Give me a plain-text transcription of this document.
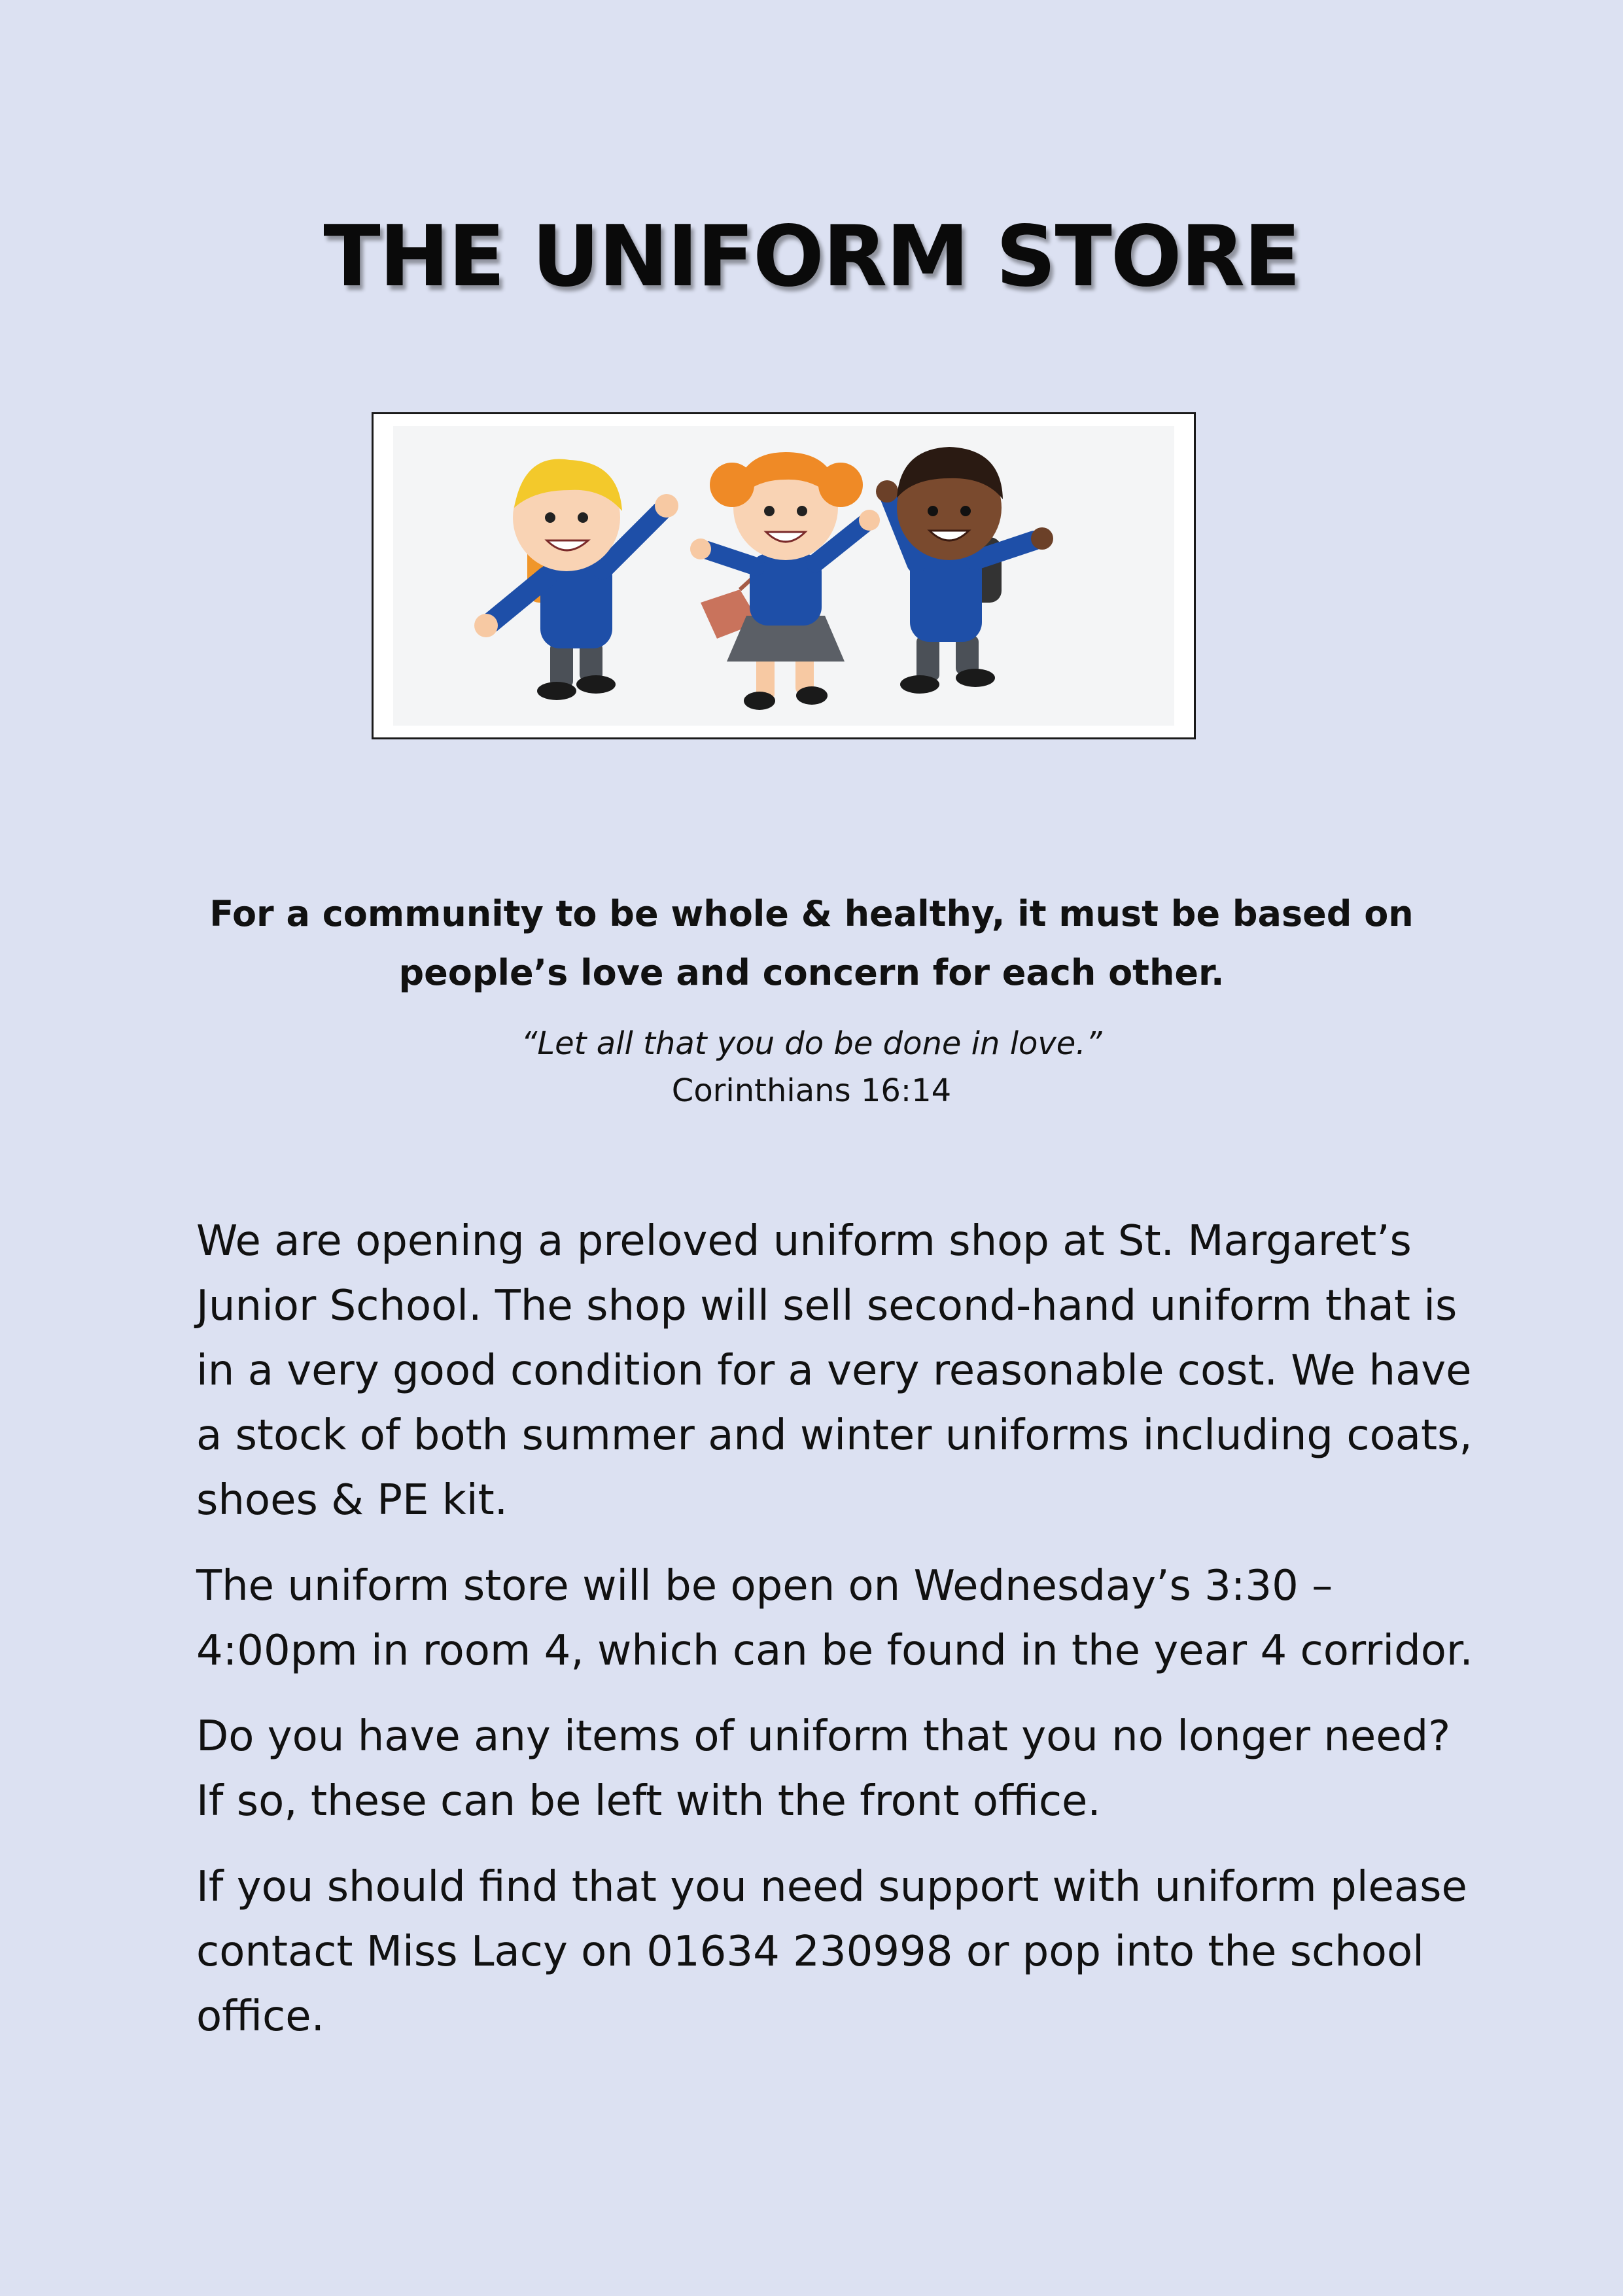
THE UNIFORM STORE

For a community to be whole & healthy, it must be based on people’s love and concern for each other.

“Let all that you do be done in love.”

Corinthians 16:14

We are opening a preloved uniform shop at St. Margaret’s Junior School. The shop will sell second-hand uniform that is in a very good condition for a very reasonable cost. We have a stock of both summer and winter uniforms including coats, shoes & PE kit.

The uniform store will be open on Wednesday’s 3:30 – 4:00pm in room 4, which can be found in the year 4 corridor.

Do you have any items of uniform that you no longer need? If so, these can be left with the front office.

If you should find that you need support with uniform please contact Miss Lacy on 01634 230998 or pop into the school office.
